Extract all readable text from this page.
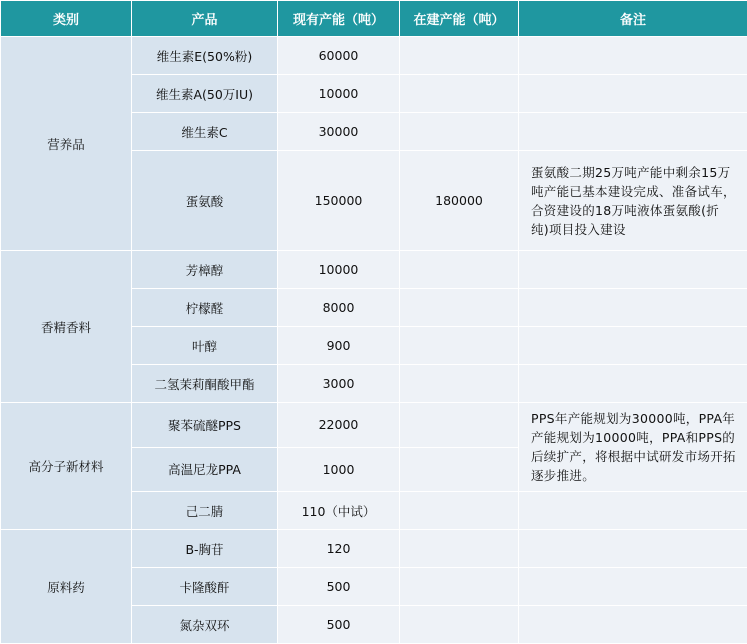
类别	产品	现有产能（吨）	在建产能（吨）	备注
营养品	维生素E(50%粉)	60000		
	维生素A(50万IU)	10000		
	维生素C	30000		
	蛋氨酸	150000	180000	蛋氨酸二期25万吨产能中剩余15万吨产能已基本建设完成、准备试车，合资建设的18万吨液体蛋氨酸(折纯)项目投入建设
香精香料	芳樟醇	10000		
	柠檬醛	8000		
	叶醇	900		
	二氢茉莉酮酸甲酯	3000		
高分子新材料	聚苯硫醚PPS	22000		PPS年产能规划为30000吨，PPA年产能规划为10000吨，PPA和PPS的后续扩产，将根据中试研发市场开拓逐步推进。
	高温尼龙PPA	1000		
	己二腈	110（中试）		
原料药	B-胸苷	120		
	卡隆酸酐	500		
	氮杂双环	500		
